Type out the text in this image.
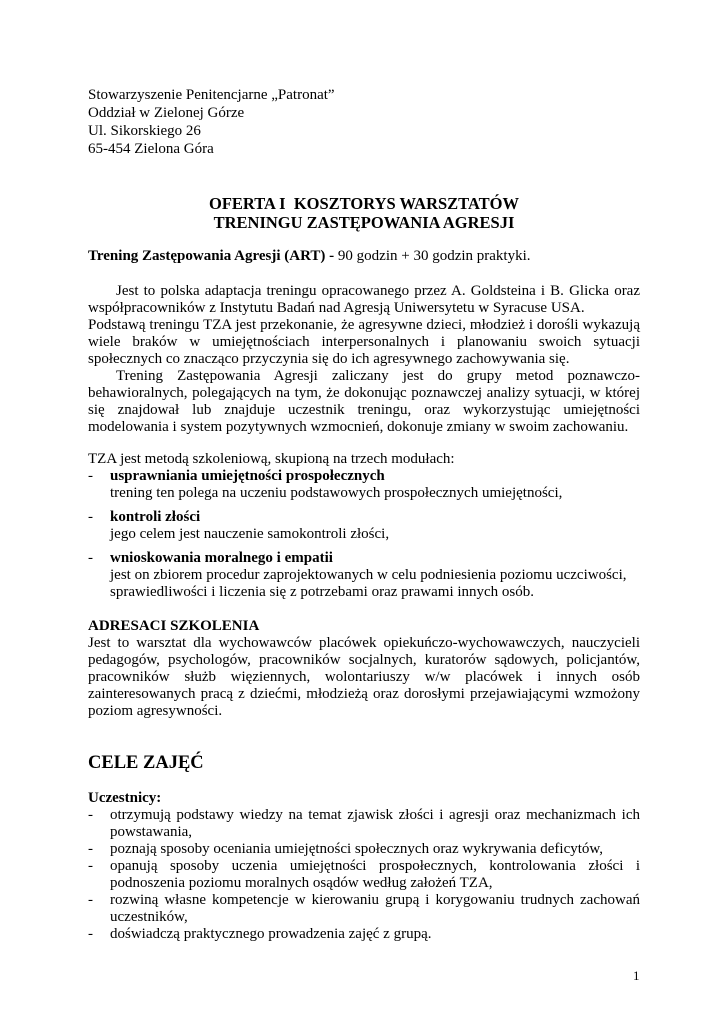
Stowarzyszenie Penitencjarne „Patronat”
Oddział w Zielonej Górze
Ul. Sikorskiego 26
65-454 Zielona Góra
OFERTA I  KOSZTORYS WARSZTATÓW
TRENINGU ZASTĘPOWANIA AGRESJI
Trening Zastępowania Agresji (ART) - 90 godzin + 30 godzin praktyki.
Jest to polska adaptacja treningu opracowanego przez A. Goldsteina i B. Glicka oraz współpracowników z Instytutu Badań nad Agresją Uniwersytetu w Syracuse USA.
Podstawą treningu TZA jest przekonanie, że agresywne dzieci, młodzież i dorośli wykazują wiele braków w umiejętnościach interpersonalnych i planowaniu swoich sytuacji społecznych co znacząco przyczynia się do ich agresywnego zachowywania się.
Trening Zastępowania Agresji zaliczany jest do grupy metod poznawczo-behawioralnych, polegających na tym, że dokonując poznawczej analizy sytuacji, w której się znajdował lub znajduje uczestnik treningu, oraz wykorzystując umiejętności modelowania i system pozytywnych wzmocnień, dokonuje zmiany w swoim zachowaniu.
TZA jest metodą szkoleniową, skupioną na trzech modułach:
- usprawniania umiejętności prospołecznych
trening ten polega na uczeniu podstawowych prospołecznych umiejętności,
- kontroli złości
jego celem jest nauczenie samokontroli złości,
- wnioskowania moralnego i empatii
jest on zbiorem procedur zaprojektowanych w celu podniesienia poziomu uczciwości, sprawiedliwości i liczenia się z potrzebami oraz prawami innych osób.
ADRESACI SZKOLENIA
Jest to warsztat dla wychowawców placówek opiekuńczo-wychowawczych, nauczycieli pedagogów, psychologów, pracowników socjalnych, kuratorów sądowych, policjantów, pracowników służb więziennych, wolontariuszy w/w placówek i innych osób zainteresowanych pracą z dziećmi, młodzieżą oraz dorosłymi przejawiającymi wzmożony poziom agresywności.
CELE ZAJĘĆ
Uczestnicy:
- otrzymują podstawy wiedzy na temat zjawisk złości i agresji oraz mechanizmach ich powstawania,
- poznają sposoby oceniania umiejętności społecznych oraz wykrywania deficytów,
- opanują sposoby uczenia umiejętności prospołecznych, kontrolowania złości i podnoszenia poziomu moralnych osądów według założeń TZA,
- rozwiną własne kompetencje w kierowaniu grupą i korygowaniu trudnych zachowań uczestników,
- doświadczą praktycznego prowadzenia zajęć z grupą.
1
